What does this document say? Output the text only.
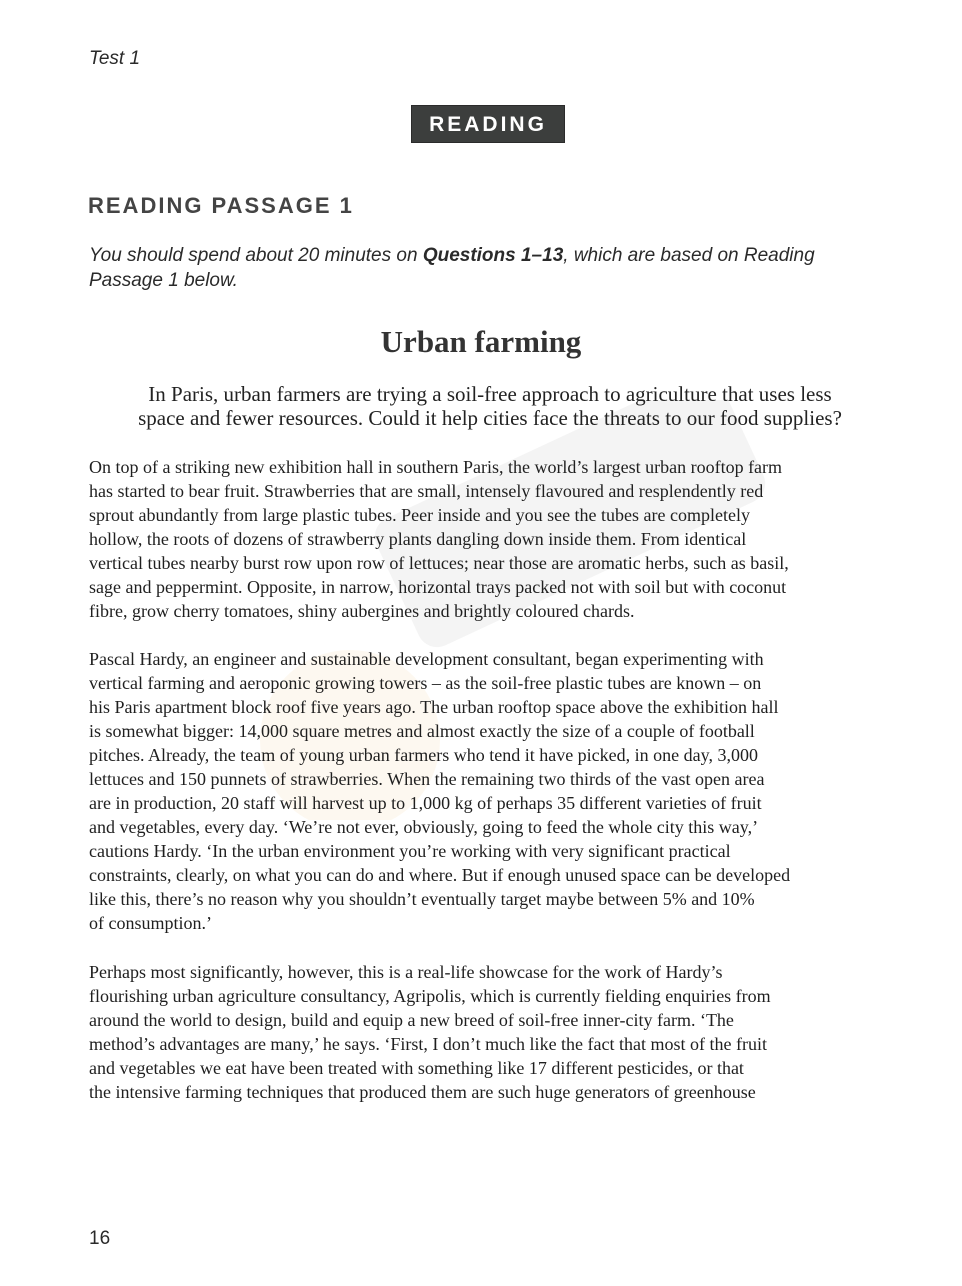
Test 1
READING
READING PASSAGE 1
You should spend about 20 minutes on Questions 1–13, which are based on Reading Passage 1 below.
Urban farming
In Paris, urban farmers are trying a soil-free approach to agriculture that uses less
space and fewer resources. Could it help cities face the threats to our food supplies?

On top of a striking new exhibition hall in southern Paris, the world’s largest urban rooftop farm
has started to bear fruit. Strawberries that are small, intensely flavoured and resplendently red
sprout abundantly from large plastic tubes. Peer inside and you see the tubes are completely
hollow, the roots of dozens of strawberry plants dangling down inside them. From identical
vertical tubes nearby burst row upon row of lettuces; near those are aromatic herbs, such as basil,
sage and peppermint. Opposite, in narrow, horizontal trays packed not with soil but with coconut
fibre, grow cherry tomatoes, shiny aubergines and brightly coloured chards.

Pascal Hardy, an engineer and sustainable development consultant, began experimenting with
vertical farming and aeroponic growing towers – as the soil-free plastic tubes are known – on
his Paris apartment block roof five years ago. The urban rooftop space above the exhibition hall
is somewhat bigger: 14,000 square metres and almost exactly the size of a couple of football
pitches. Already, the team of young urban farmers who tend it have picked, in one day, 3,000
lettuces and 150 punnets of strawberries. When the remaining two thirds of the vast open area
are in production, 20 staff will harvest up to 1,000 kg of perhaps 35 different varieties of fruit
and vegetables, every day. ‘We’re not ever, obviously, going to feed the whole city this way,’
cautions Hardy. ‘In the urban environment you’re working with very significant practical
constraints, clearly, on what you can do and where. But if enough unused space can be developed
like this, there’s no reason why you shouldn’t eventually target maybe between 5% and 10%
of consumption.’

Perhaps most significantly, however, this is a real-life showcase for the work of Hardy’s
flourishing urban agriculture consultancy, Agripolis, which is currently fielding enquiries from
around the world to design, build and equip a new breed of soil-free inner-city farm. ‘The
method’s advantages are many,’ he says. ‘First, I don’t much like the fact that most of the fruit
and vegetables we eat have been treated with something like 17 different pesticides, or that
the intensive farming techniques that produced them are such huge generators of greenhouse

16
